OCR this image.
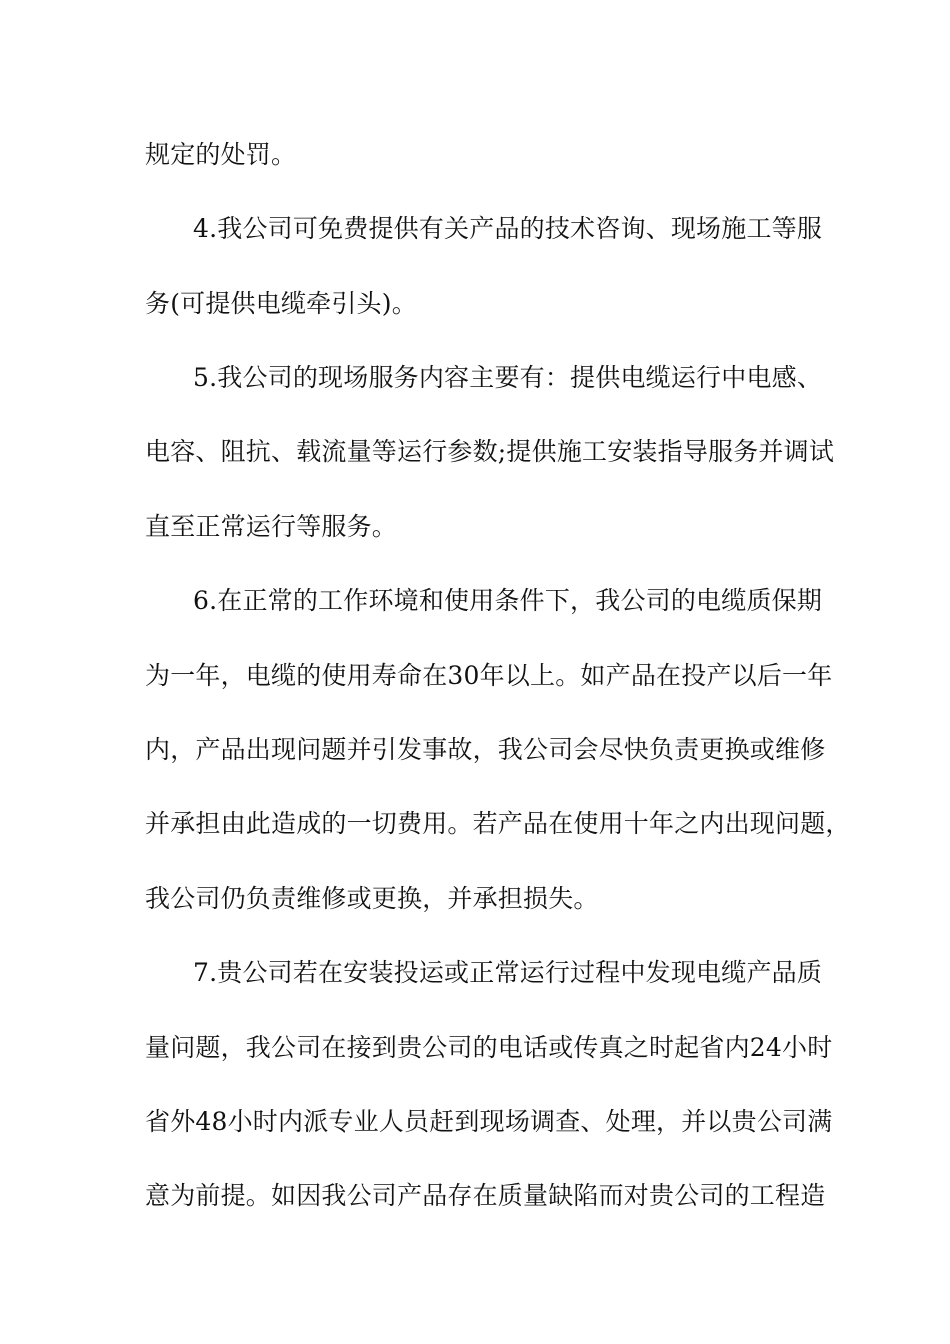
规定的处罚。
4.我公司可免费提供有关产品的技术咨询、现场施工等服
务(可提供电缆牵引头)。
5.我公司的现场服务内容主要有：提供电缆运行中电感、
电容、阻抗、载流量等运行参数;提供施工安装指导服务并调试
直至正常运行等服务。
6.在正常的工作环境和使用条件下，我公司的电缆质保期
为一年，电缆的使用寿命在30年以上。如产品在投产以后一年
内，产品出现问题并引发事故，我公司会尽快负责更换或维修
并承担由此造成的一切费用。若产品在使用十年之内出现问题，
我公司仍负责维修或更换，并承担损失。
7.贵公司若在安装投运或正常运行过程中发现电缆产品质
量问题，我公司在接到贵公司的电话或传真之时起省内24小时
省外48小时内派专业人员赶到现场调查、处理，并以贵公司满
意为前提。如因我公司产品存在质量缺陷而对贵公司的工程造
